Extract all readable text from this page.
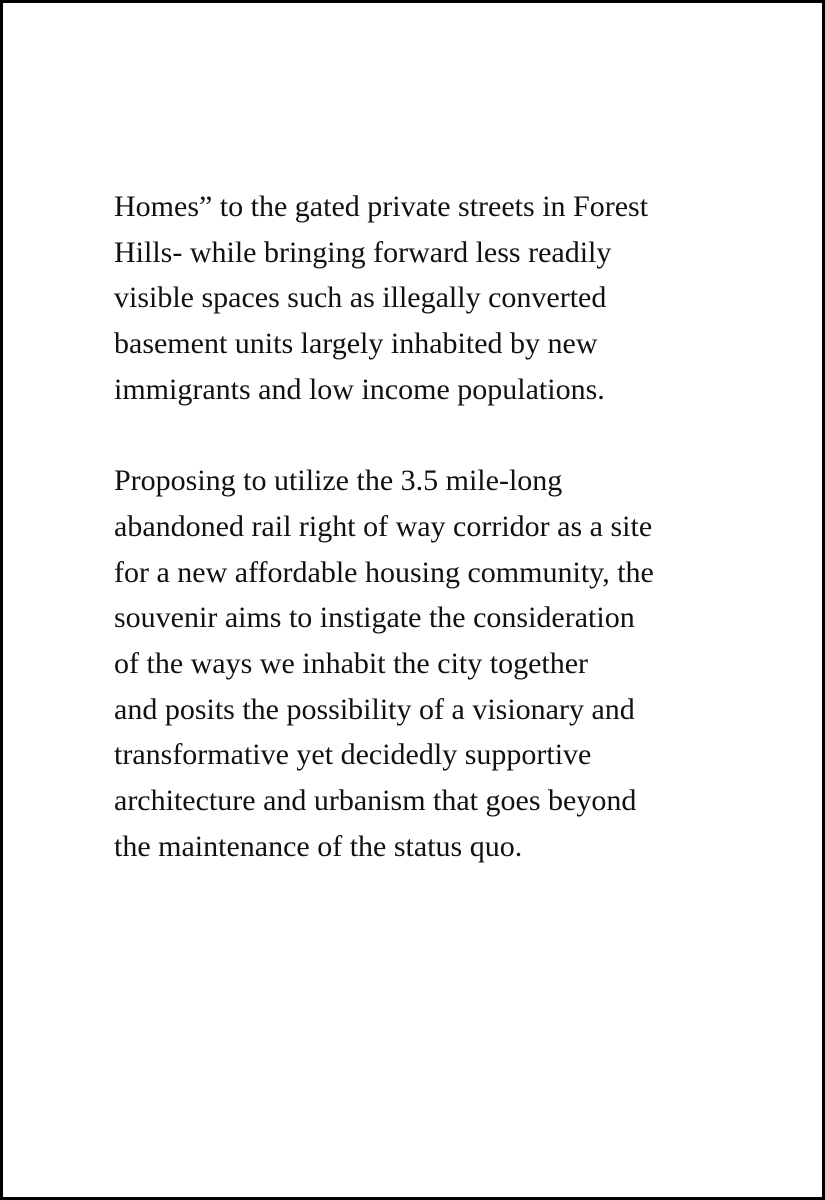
Homes” to the gated private streets in Forest
Hills- while bringing forward less readily
visible spaces such as illegally converted
basement units largely inhabited by new
immigrants and low income populations.
Proposing to utilize the 3.5 mile-long
abandoned rail right of way corridor as a site
for a new affordable housing community, the
souvenir aims to instigate the consideration
of the ways we inhabit the city together
and posits the possibility of a visionary and
transformative yet decidedly supportive
architecture and urbanism that goes beyond
the maintenance of the status quo.
